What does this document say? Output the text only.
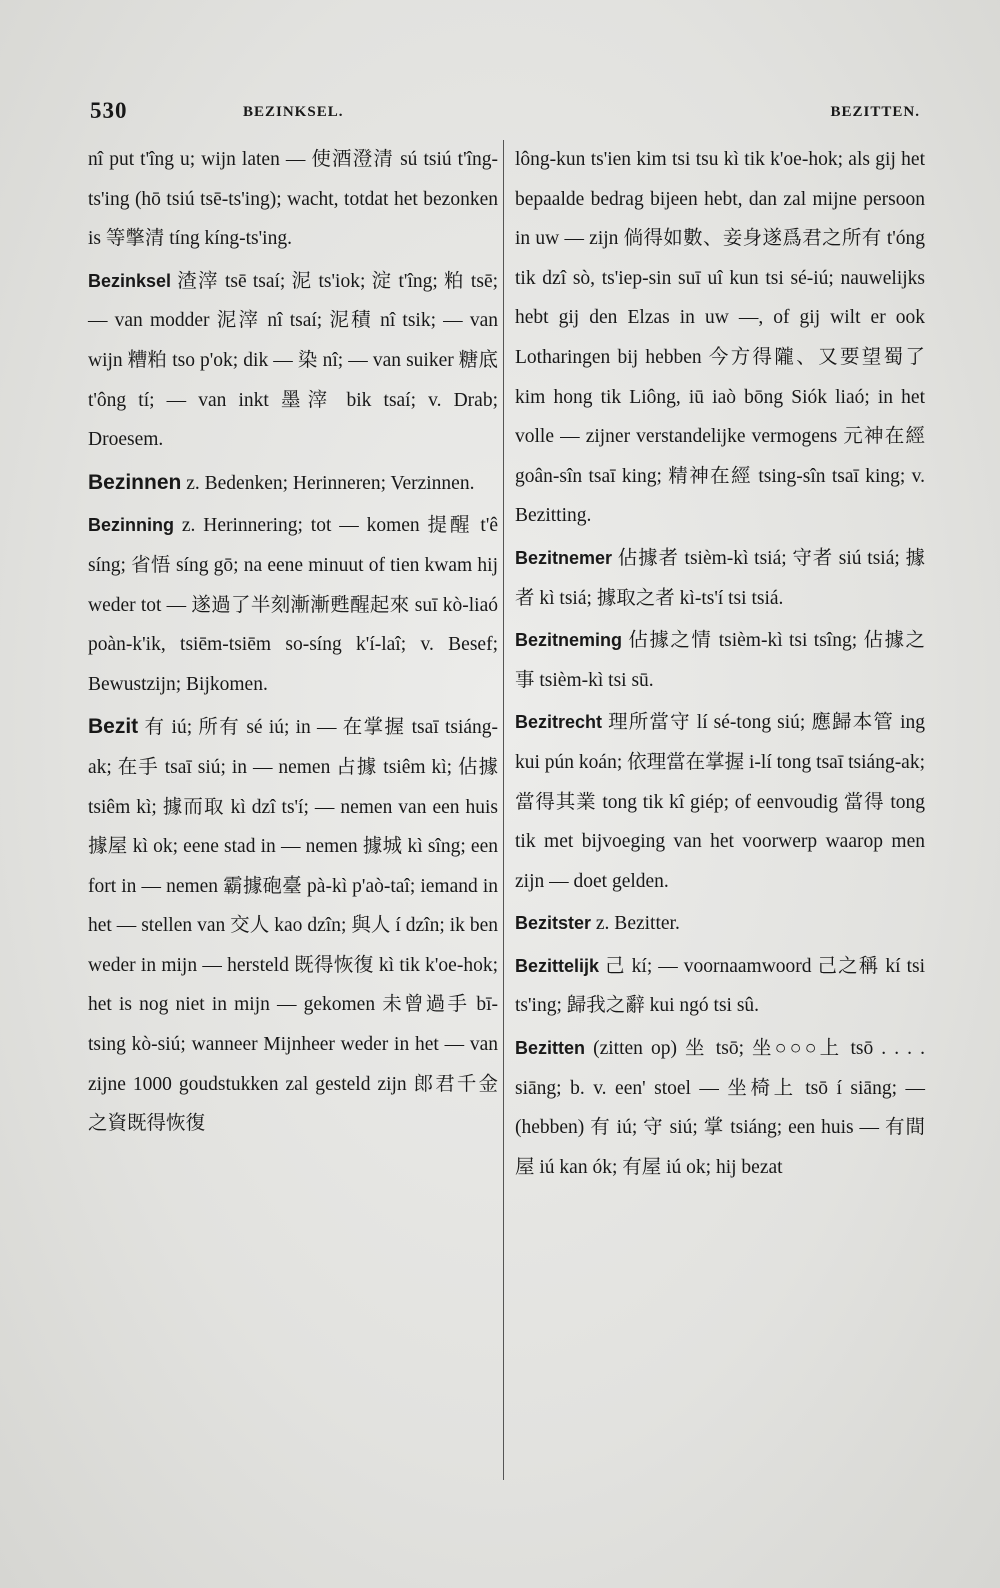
530	BEZINKSEL.	BEZITTEN.
nî put t'îng u; wijn laten — 使酒澄清 sú tsiú t'îng-ts'ing (hō tsiú tsē-ts'ing); wacht, totdat het bezonken is 等撆清 tíng kíng-ts'ing.
Bezinksel 渣滓 tsē tsaí; 泥 ts'iok; 淀 t'îng; 粕 tsē; — van modder 泥滓 nî tsaí; 泥積 nî tsik; — van wijn 糟粕 tso p'ok; dik — 染 nî; — van suiker 糖底 t'ông tí; — van inkt 墨滓 bik tsaí; v. Drab; Droesem.
Bezinnen z. Bedenken; Herinneren; Verzinnen.
Bezinning z. Herinnering; tot — komen 提醒 t'ê síng; 省悟 síng gō; na eene minuut of tien kwam hij weder tot — 遂過了半刻漸漸甦醒起來 suī kò-liaó poàn-k'ik, tsiēm-tsiēm so-síng k'í-laî; v. Besef; Bewustzijn; Bijkomen.
Bezit 有 iú; 所有 sé iú; in — 在掌握 tsaī tsiáng-ak; 在手 tsaī siú; in — nemen 占據 tsiêm kì; 佔據 tsiêm kì; 據而取 kì dzî ts'í; — nemen van een huis 據屋 kì ok; eene stad in — nemen 據城 kì sîng; een fort in — nemen 霸據砲臺 pà-kì p'aò-taî; iemand in het — stellen van 交人 kao dzîn; 與人 í dzîn; ik ben weder in mijn — hersteld 既得恢復 kì tik k'oe-hok; het is nog niet in mijn — gekomen 未曾過手 bī-tsing kò-siú; wanneer Mijnheer weder in het — van zijne 1000 goudstukken zal gesteld zijn 郎君千金之資既得恢復
lông-kun ts'ien kim tsi tsu kì tik k'oe-hok; als gij het bepaalde bedrag bijeen hebt, dan zal mijne persoon in uw — zijn 倘得如數、妾身遂爲君之所有 t'óng tik dzî sò, ts'iep-sin suī uî kun tsi sé-iú; nauwelijks hebt gij den Elzas in uw —, of gij wilt er ook Lotharingen bij hebben 今方得隴、又要望蜀了 kim hong tik Liông, iū iaò bōng Siók liaó; in het volle — zijner verstandelijke vermogens 元神在經 goân-sîn tsaī king; 精神在經 tsing-sîn tsaī king; v. Bezitting.
Bezitnemer 佔據者 tsièm-kì tsiá; 守者 siú tsiá; 據者 kì tsiá; 據取之者 kì-ts'í tsi tsiá.
Bezitneming 佔據之情 tsièm-kì tsi tsîng; 佔據之事 tsièm-kì tsi sū.
Bezitrecht 理所當守 lí sé-tong siú; 應歸本管 ing kui pún koán; 依理當在掌握 i-lí tong tsaī tsiáng-ak; 當得其業 tong tik kî giép; of eenvoudig 當得 tong tik met bijvoeging van het voorwerp waarop men zijn — doet gelden.
Bezitster z. Bezitter.
Bezittelijk 己 kí; — voornaamwoord 己之稱 kí tsi ts'ing; 歸我之辭 kui ngó tsi sû.
Bezitten (zitten op) 坐 tsō; 坐○○○上 tsō . . . . siāng; b. v. een' stoel — 坐椅上 tsō í siāng; — (hebben) 有 iú; 守 siú; 掌 tsiáng; een huis — 有間屋 iú kan ók; 有屋 iú ok; hij bezat
